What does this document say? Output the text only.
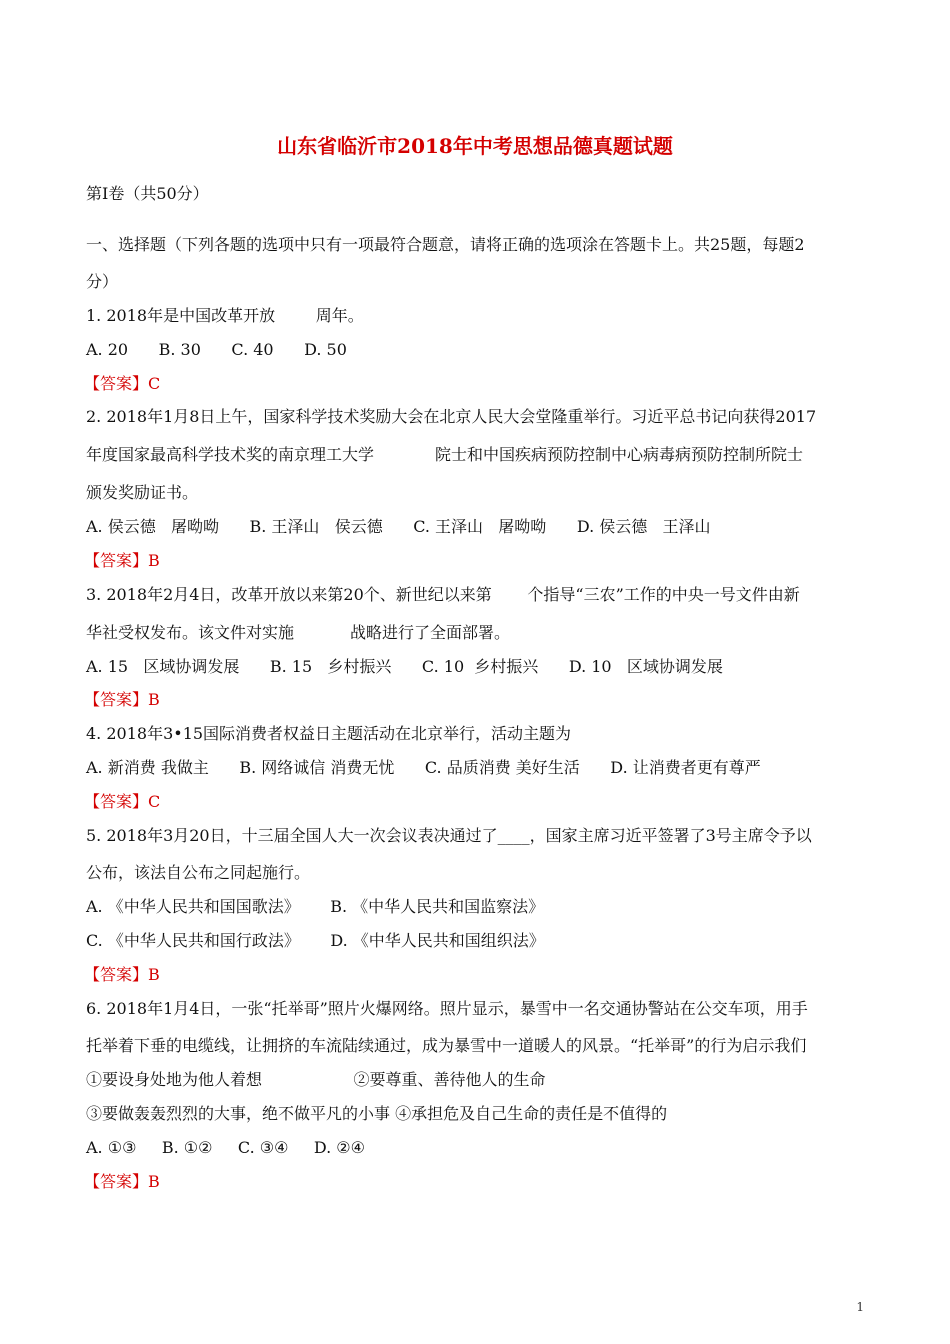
山东省临沂市2018年中考思想品德真题试题
第Ⅰ卷（共50分）
一、选择题（下列各题的选项中只有一项最符合题意，请将正确的选项涂在答题卡上。共25题，每题2
分）
1. 2018年是中国改革开放        周年。
A. 20      B. 30      C. 40      D. 50
【答案】C
2. 2018年1月8日上午，国家科学技术奖励大会在北京人民大会堂隆重举行。习近平总书记向获得2017
年度国家最高科学技术奖的南京理工大学            院士和中国疾病预防控制中心病毒病预防控制所院士
颁发奖励证书。
A. 侯云德   屠呦呦      B. 王泽山   侯云德      C. 王泽山   屠呦呦      D. 侯云德   王泽山
【答案】B
3. 2018年2月4日，改革开放以来第20个、新世纪以来第       个指导“三农”工作的中央一号文件由新
华社受权发布。该文件对实施           战略进行了全面部署。
A. 15   区域协调发展      B. 15   乡村振兴      C. 10  乡村振兴      D. 10   区域协调发展
【答案】B
4. 2018年3•15国际消费者权益日主题活动在北京举行，活动主题为
A. 新消费 我做主      B. 网络诚信 消费无忧      C. 品质消费 美好生活      D. 让消费者更有尊严
【答案】C
5. 2018年3月20日，十三届全国人大一次会议表决通过了____，国家主席习近平签署了3号主席令予以
公布，该法自公布之同起施行。
A. 《中华人民共和国国歌法》      B. 《中华人民共和国监察法》
C. 《中华人民共和国行政法》      D. 《中华人民共和国组织法》
【答案】B
6. 2018年1月4日，一张“托举哥”照片火爆网络。照片显示，暴雪中一名交通协警站在公交车项，用手
托举着下垂的电缆线，让拥挤的车流陆续通过，成为暴雪中一道暖人的风景。“托举哥”的行为启示我们
①要设身处地为他人着想                  ②要尊重、善待他人的生命
③要做轰轰烈烈的大事，绝不做平凡的小事 ④承担危及自己生命的责任是不值得的
A. ①③     B. ①②     C. ③④     D. ②④
【答案】B
1
